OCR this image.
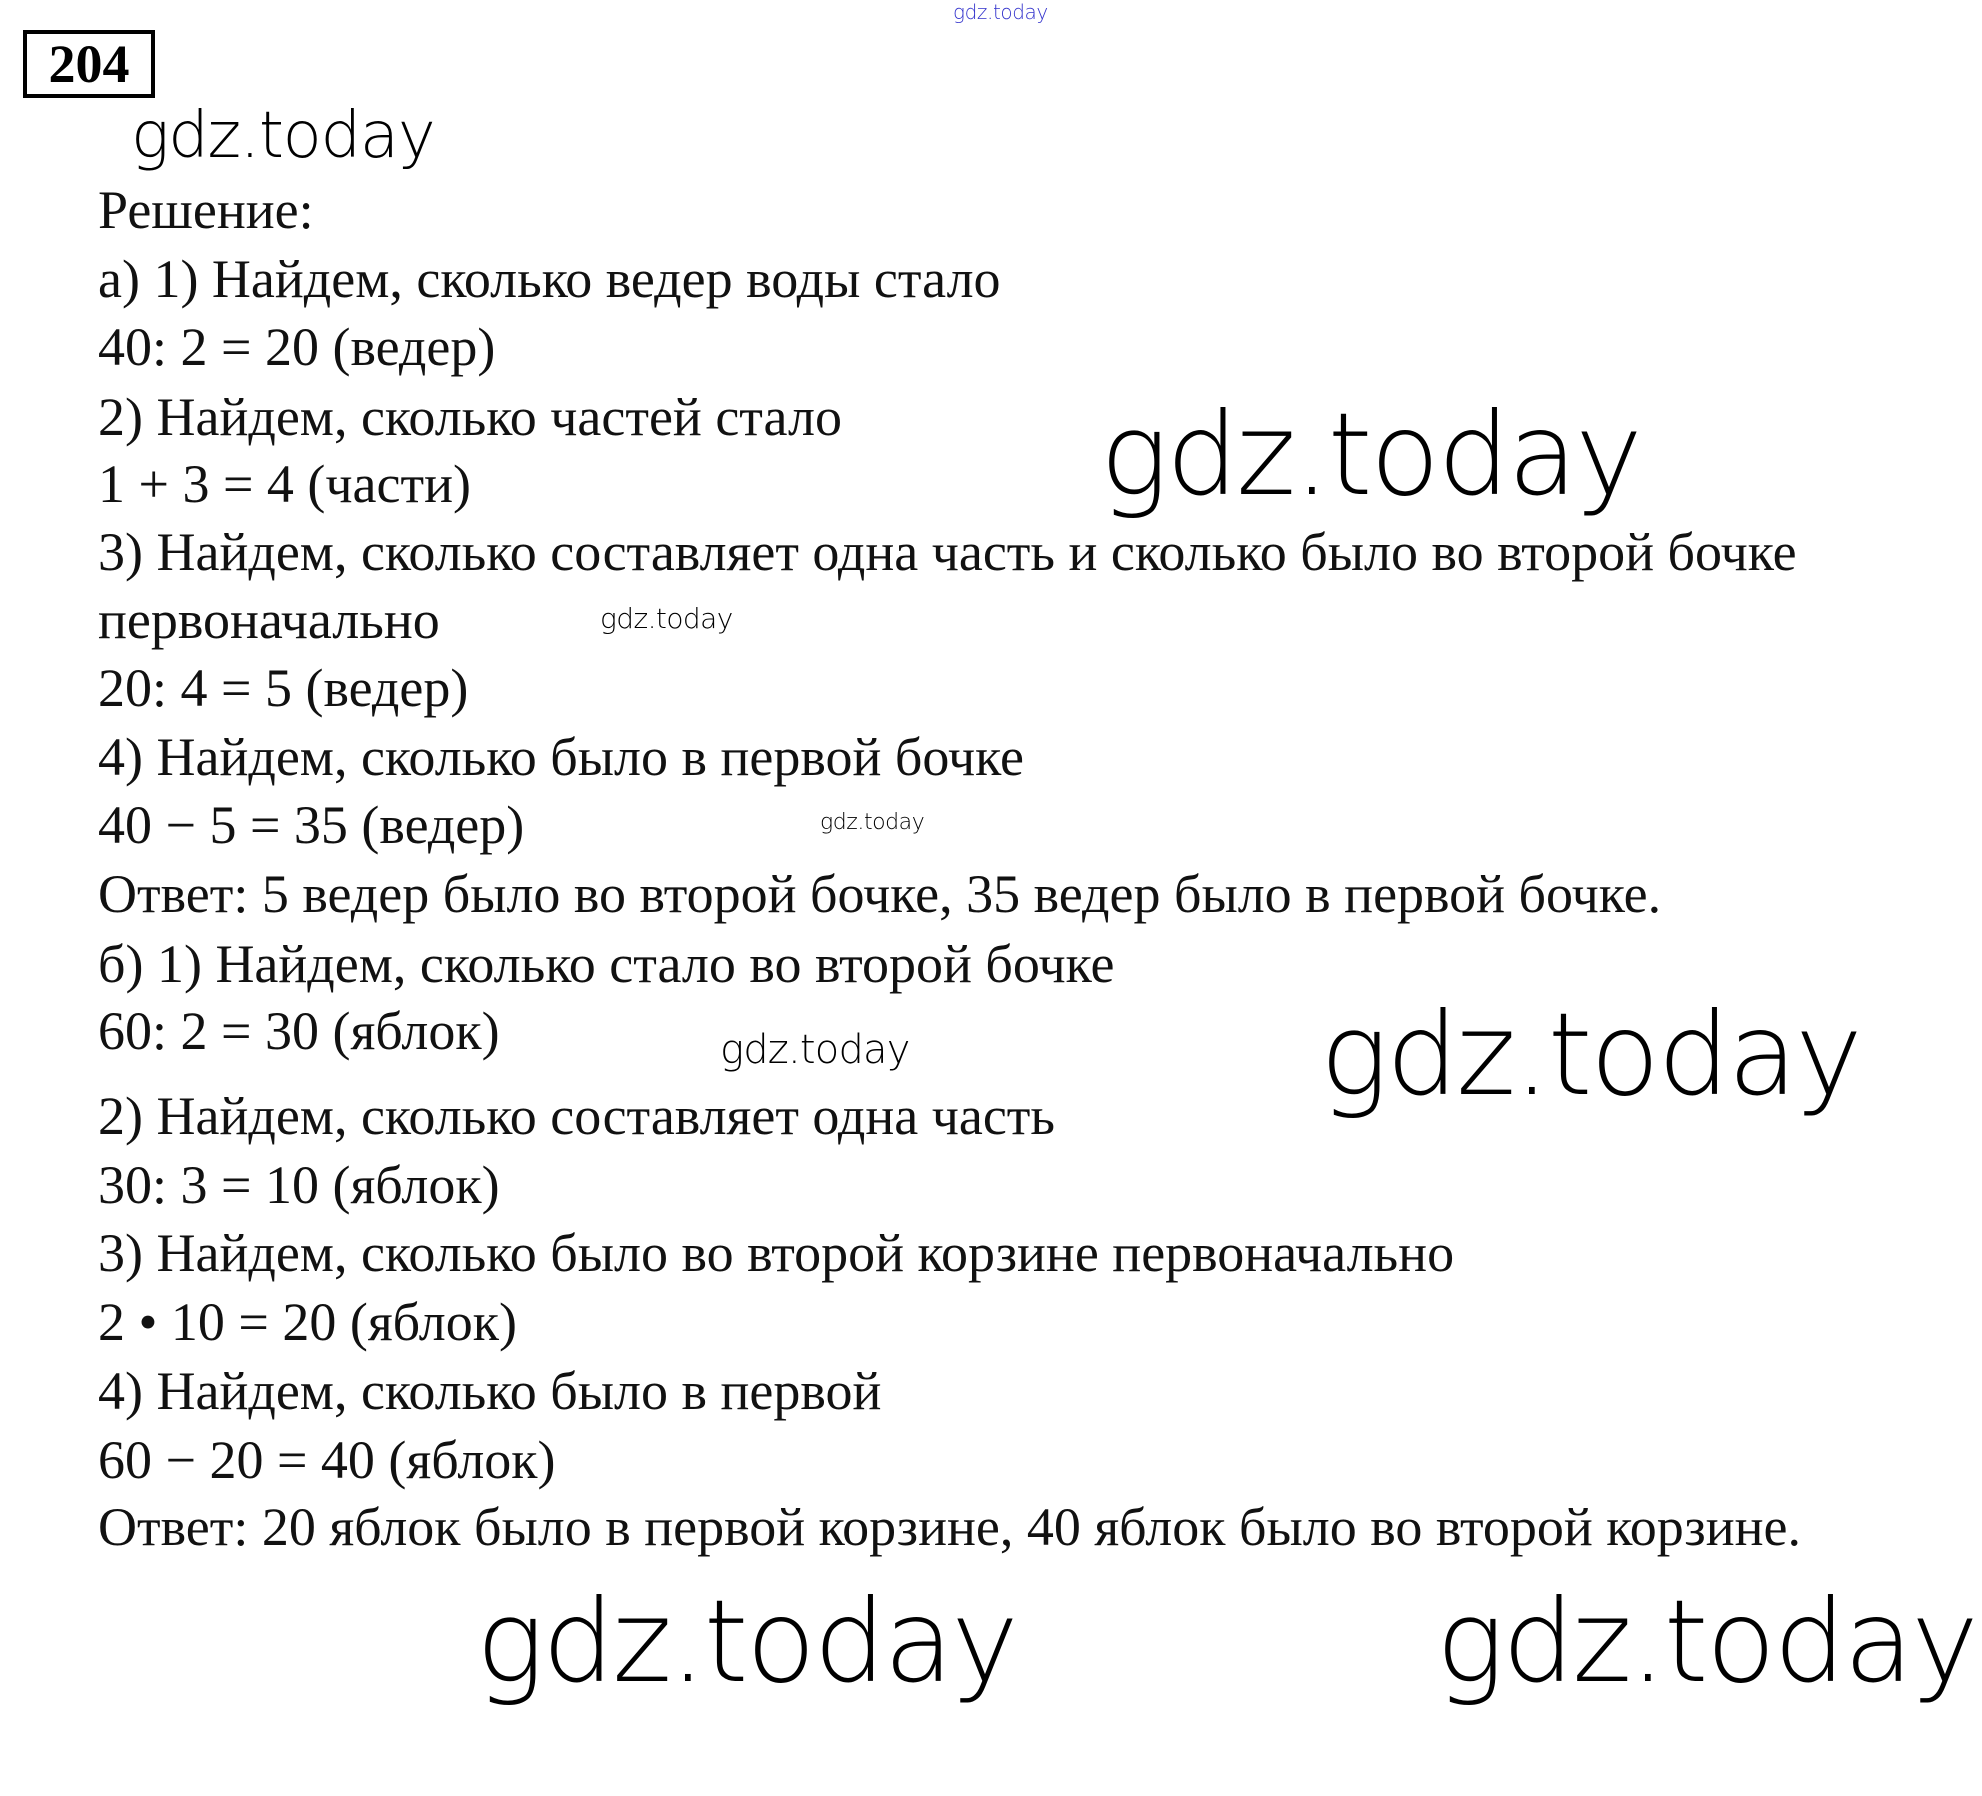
gdz.today
204
gdz.today
gdz.today
gdz.today
gdz.today
gdz.today
gdz.today
gdz.today	gdz.today
Решение:
а) 1) Найдем, сколько ведер воды стало
40: 2 = 20 (ведер)
2) Найдем, сколько частей стало
1 + 3 = 4 (части)
3) Найдем, сколько составляет одна часть и сколько было во второй бочке
первоначально
20: 4 = 5 (ведер)
4) Найдем, сколько было в первой бочке
40 − 5 = 35 (ведер)
Ответ: 5 ведер было во второй бочке, 35 ведер было в первой бочке.
б) 1) Найдем, сколько стало во второй бочке
60: 2 = 30 (яблок)
2) Найдем, сколько составляет одна часть
30: 3 = 10 (яблок)
3) Найдем, сколько было во второй корзине первоначально
2 • 10 = 20 (яблок)
4) Найдем, сколько было в первой
60 − 20 = 40 (яблок)
Ответ: 20 яблок было в первой корзине, 40 яблок было во второй корзине.
